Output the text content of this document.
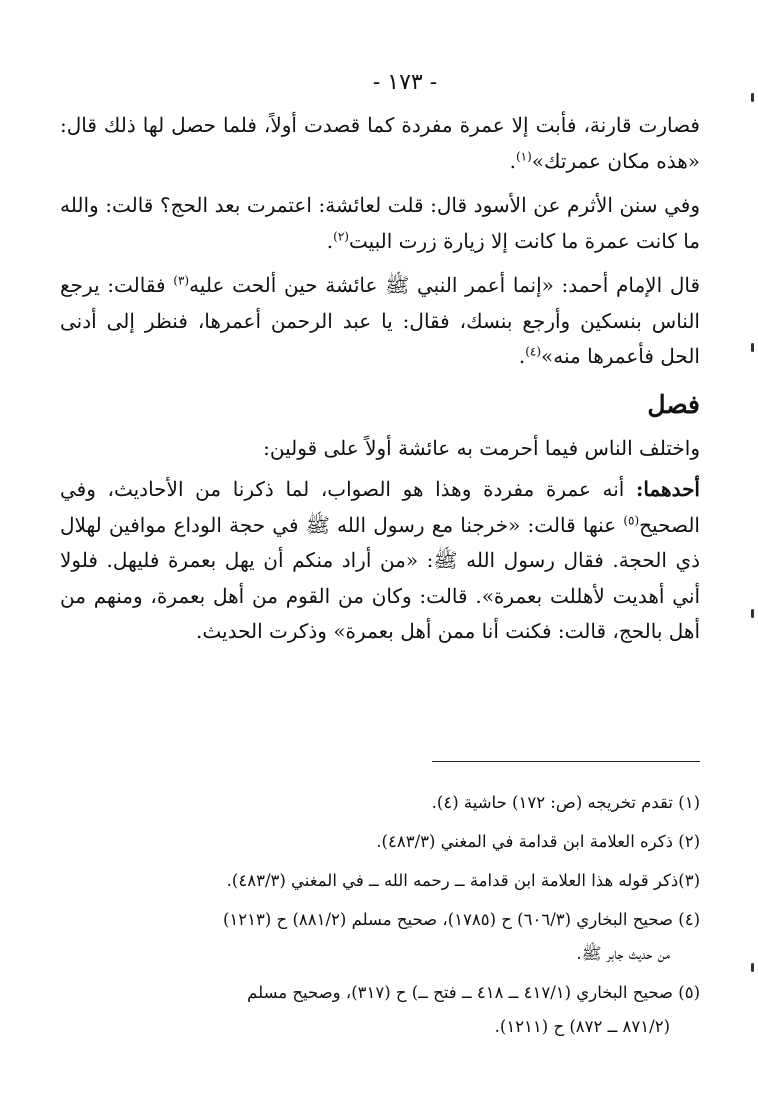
- ١٧٣ -

فصارت قارنة، فأبت إلا عمرة مفردة كما قصدت أولاً، فلما حصل لها ذلك قال: «هذه مكان عمرتك»$^{(١)}$.

وفي سنن الأثرم عن الأسود قال: قلت لعائشة: اعتمرت بعد الحج؟ قالت: والله ما كانت عمرة ما كانت إلا زيارة زرت البيت$^{(٢)}$.

قال الإمام أحمد: «إنما أعمر النبي ﷺ عائشة حين ألحت عليه$^{(٣)}$ فقالت: يرجع الناس بنسكين وأرجع بنسك، فقال: يا عبد الرحمن أعمرها، فنظر إلى أدنى الحل فأعمرها منه»$^{(٤)}$.

فصل

واختلف الناس فيما أحرمت به عائشة أولاً على قولين:

أحدهما: أنه عمرة مفردة وهذا هو الصواب، لما ذكرنا من الأحاديث، وفي الصحيح$^{(٥)}$ عنها قالت: «خرجنا مع رسول الله ﷺ في حجة الوداع موافين لهلال ذي الحجة. فقال رسول الله ﷺ: «من أراد منكم أن يهل بعمرة فليهل. فلولا أني أهديت لأهللت بعمرة». قالت: وكان من القوم من أهل بعمرة، ومنهم من أهل بالحج، قالت: فكنت أنا ممن أهل بعمرة» وذكرت الحديث.

(١) تقدم تخريجه (ص: ١٧٢) حاشية (٤).

(٢) ذكره العلامة ابن قدامة في المغني (٤٨٣/٣).

(٣)ذكر قوله هذا العلامة ابن قدامة ــ رحمه الله ــ في المغني (٤٨٣/٣).

(٤) صحيح البخاري (٦٠٦/٣) ح (١٧٨٥)، صحيح مسلم (٨٨١/٢) ح (١٢١٣)
من حديث جابر ﷺ.

(٥) صحيح البخاري (٤١٧/١ ــ ٤١٨ ــ فتح ــ) ح (٣١٧)، وصحيح مسلم
(٨٧١/٢ ــ ٨٧٢) ح (١٢١١).
